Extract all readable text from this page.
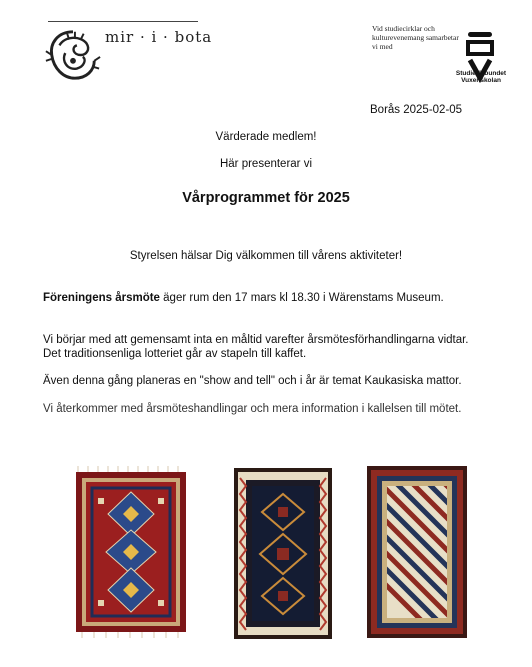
mir · i · bota	Vid studiecirklar och kulturevenemang samarbetar vi med
Studieförbundet
Vuxenskolan
Borås 2025-02-05
Värderade medlem!
Här presenterar vi
Vårprogrammet för 2025
Styrelsen hälsar Dig välkommen till vårens aktiviteter!
Föreningens årsmöte äger rum den 17 mars kl 18.30 i Wärenstams Museum.
Vi börjar med att gemensamt inta en måltid varefter årsmötesförhandlingarna vidtar.
Det traditionsenliga lotteriet går av stapeln till kaffet.
Även denna gång planeras en "show and tell" och i år är temat Kaukasiska mattor.
Vi återkommer med årsmöteshandlingar och mera information i kallelsen till mötet.
